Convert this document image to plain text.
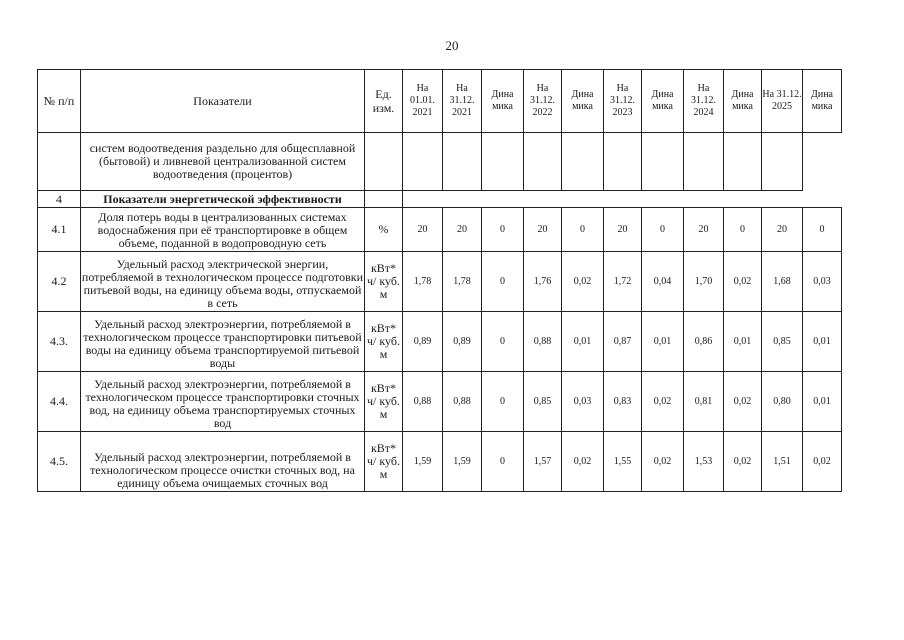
20
№ п/п	Показатели	Ед. изм.	На 01.01. 2021	На 31.12. 2021	Дина мика	На 31.12. 2022	Дина мика	На 31.12. 2023	Дина мика	На 31.12. 2024	Дина мика	На 31.12. 2025	Дина мика
	систем водоотведения раздельно для общесплавной (бытовой) и ливневой централизованной систем водоотведения (процентов)												
4	Показатели энергетической эффективности												
4.1	Доля потерь воды в централизованных системах водоснабжения при её транспортировке в общем объеме, поданной в водопроводную сеть	%	20	20	0	20	0	20	0	20	0	20	0
4.2	Удельный расход электрической энергии, потребляемой в технологическом процессе подготовки питьевой воды, на единицу объема воды, отпускаемой в сеть	кВт* ч/ куб. м	1,78	1,78	0	1,76	0,02	1,72	0,04	1,70	0,02	1,68	0,03
4.3.	Удельный расход электроэнергии, потребляемой в технологическом процессе транспортировки питьевой воды на единицу объема транспортируемой питьевой воды	кВт* ч/ куб. м	0,89	0,89	0	0,88	0,01	0,87	0,01	0,86	0,01	0,85	0,01
4.4.	Удельный расход электроэнергии, потребляемой в технологическом процессе транспортировки сточных вод, на единицу объема транспортируемых сточных вод	кВт* ч/ куб. м	0,88	0,88	0	0,85	0,03	0,83	0,02	0,81	0,02	0,80	0,01
4.5.	Удельный расход электроэнергии, потребляемой в технологическом процессе очистки сточных вод, на единицу объема очищаемых сточных вод	кВт* ч/ куб. м	1,59	1,59	0	1,57	0,02	1,55	0,02	1,53	0,02	1,51	0,02
